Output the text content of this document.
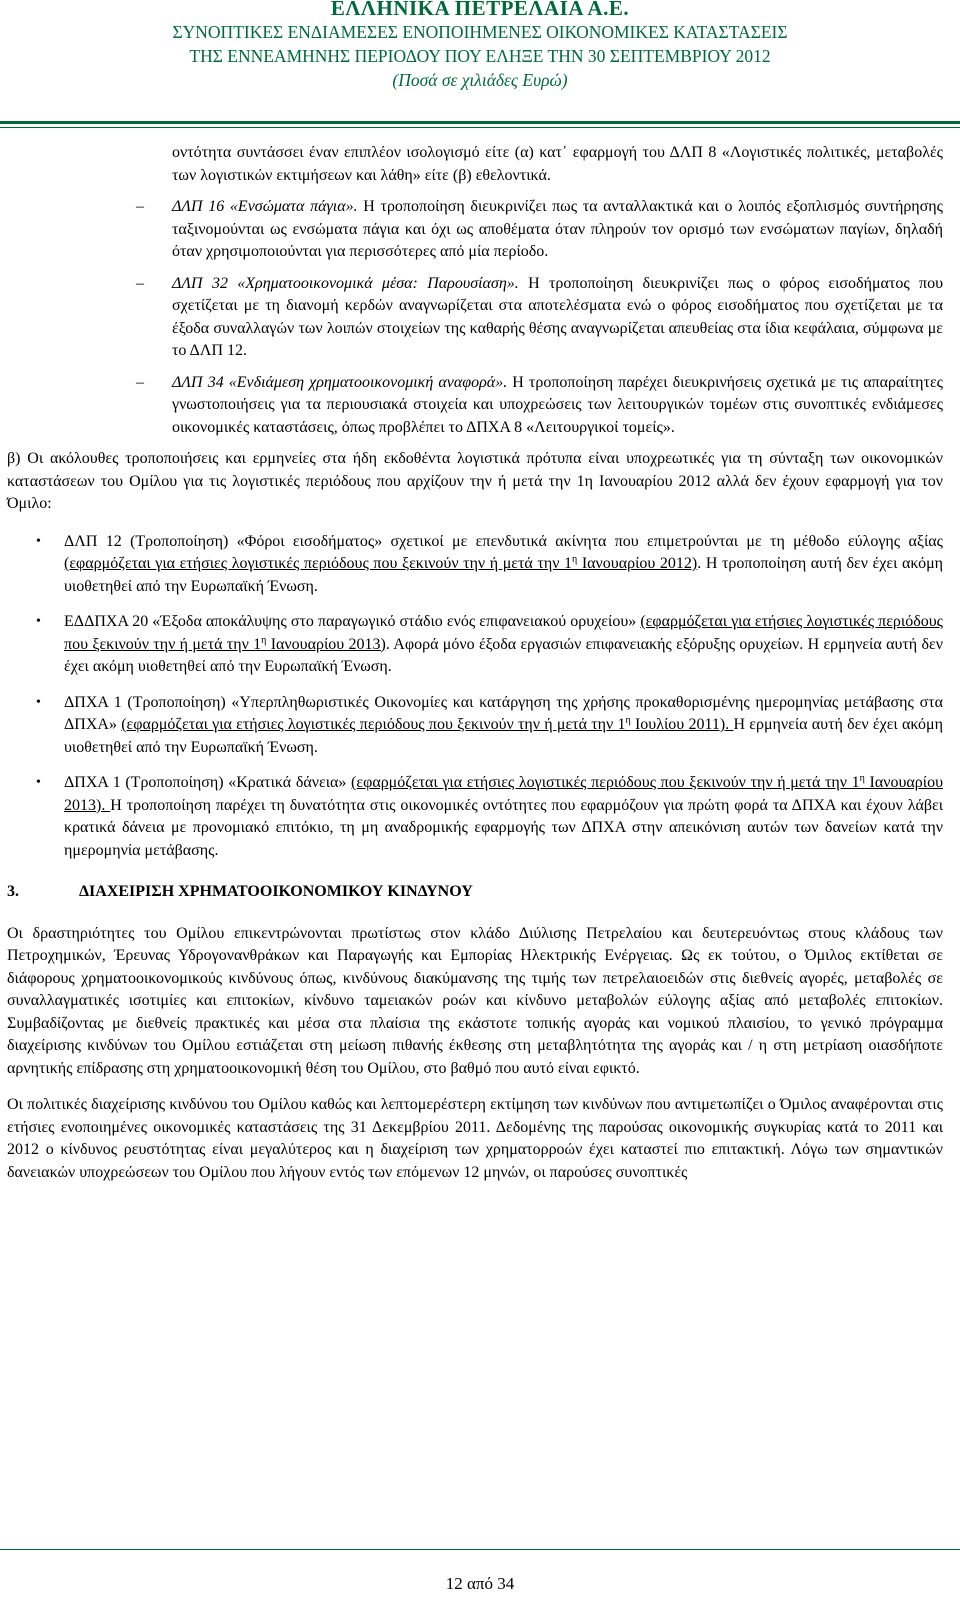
ΕΛΛΗΝΙΚΑ ΠΕΤΡΕΛΑΙΑ Α.Ε.
ΣΥΝΟΠΤΙΚΕΣ ΕΝΔΙΑΜΕΣΕΣ ΕΝΟΠΟΙΗΜΕΝΕΣ ΟΙΚΟΝΟΜΙΚΕΣ ΚΑΤΑΣΤΑΣΕΙΣ
ΤΗΣ ΕΝΝΕΑΜΗΝΗΣ ΠΕΡΙΟΔΟΥ ΠΟΥ ΕΛΗΞΕ ΤΗΝ 30 ΣΕΠΤΕΜΒΡΙΟΥ 2012
(Ποσά σε χιλιάδες Ευρώ)
οντότητα συντάσσει έναν επιπλέον ισολογισμό είτε (α) κατ᾽ εφαρμογή του ΔΛΠ 8 «Λογιστικές πολιτικές, μεταβολές των λογιστικών εκτιμήσεων και λάθη» είτε (β) εθελοντικά.
– ΔΛΠ 16 «Ενσώματα πάγια». Η τροποποίηση διευκρινίζει πως τα ανταλλακτικά και ο λοιπός εξοπλισμός συντήρησης ταξινομούνται ως ενσώματα πάγια και όχι ως αποθέματα όταν πληρούν τον ορισμό των ενσώματων παγίων, δηλαδή όταν χρησιμοποιούνται για περισσότερες από μία περίοδο.
– ΔΛΠ 32 «Χρηματοοικονομικά μέσα: Παρουσίαση». Η τροποποίηση διευκρινίζει πως ο φόρος εισοδήματος που σχετίζεται με τη διανομή κερδών αναγνωρίζεται στα αποτελέσματα ενώ ο φόρος εισοδήματος που σχετίζεται με τα έξοδα συναλλαγών των λοιπών στοιχείων της καθαρής θέσης αναγνωρίζεται απευθείας στα ίδια κεφάλαια, σύμφωνα με το ΔΛΠ 12.
– ΔΛΠ 34 «Ενδιάμεση χρηματοοικονομική αναφορά». Η τροποποίηση παρέχει διευκρινήσεις σχετικά με τις απαραίτητες γνωστοποιήσεις για τα περιουσιακά στοιχεία και υποχρεώσεις των λειτουργικών τομέων στις συνοπτικές ενδιάμεσες οικονομικές καταστάσεις, όπως προβλέπει το ΔΠΧΑ 8 «Λειτουργικοί τομείς».
β) Οι ακόλουθες τροποποιήσεις και ερμηνείες στα ήδη εκδοθέντα λογιστικά πρότυπα είναι υποχρεωτικές για τη σύνταξη των οικονομικών καταστάσεων του Ομίλου για τις λογιστικές περιόδους που αρχίζουν την ή μετά την 1η Ιανουαρίου 2012 αλλά δεν έχουν εφαρμογή για τον Όμιλο:
• ΔΛΠ 12 (Τροποποίηση) «Φόροι εισοδήματος» σχετικοί με επενδυτικά ακίνητα που επιμετρούνται με τη μέθοδο εύλογης αξίας (εφαρμόζεται για ετήσιες λογιστικές περιόδους που ξεκινούν την ή μετά την $1^\eta$ Ιανουαρίου 2012). Η τροποποίηση αυτή δεν έχει ακόμη υιοθετηθεί από την Ευρωπαϊκή Ένωση.
• ΕΔΔΠΧΑ 20 «Έξοδα αποκάλυψης στο παραγωγικό στάδιο ενός επιφανειακού ορυχείου» (εφαρμόζεται για ετήσιες λογιστικές περιόδους που ξεκινούν την ή μετά την $1^\eta$ Ιανουαρίου 2013). Αφορά μόνο έξοδα εργασιών επιφανειακής εξόρυξης ορυχείων. Η ερμηνεία αυτή δεν έχει ακόμη υιοθετηθεί από την Ευρωπαϊκή Ένωση.
• ΔΠΧΑ 1 (Τροποποίηση) «Υπερπληθωριστικές Οικονομίες και κατάργηση της χρήσης προκαθορισμένης ημερομηνίας μετάβασης στα ΔΠΧΑ» (εφαρμόζεται για ετήσιες λογιστικές περιόδους που ξεκινούν την ή μετά την $1^\eta$ Ιουλίου 2011). Η ερμηνεία αυτή δεν έχει ακόμη υιοθετηθεί από την Ευρωπαϊκή Ένωση.
• ΔΠΧΑ 1 (Τροποποίηση) «Κρατικά δάνεια» (εφαρμόζεται για ετήσιες λογιστικές περιόδους που ξεκινούν την ή μετά την $1^\eta$ Ιανουαρίου 2013). Η τροποποίηση παρέχει τη δυνατότητα στις οικονομικές οντότητες που εφαρμόζουν για πρώτη φορά τα ΔΠΧΑ και έχουν λάβει κρατικά δάνεια με προνομιακό επιτόκιο, τη μη αναδρομικής εφαρμογής των ΔΠΧΑ στην απεικόνιση αυτών των δανείων κατά την ημερομηνία μετάβασης.
3.	ΔΙΑΧΕΙΡΙΣΗ ΧΡΗΜΑΤΟΟΙΚΟΝΟΜΙΚΟΥ ΚΙΝΔΥΝΟΥ
Οι δραστηριότητες του Ομίλου επικεντρώνονται πρωτίστως στον κλάδο Διύλισης Πετρελαίου και δευτερευόντως στους κλάδους των Πετροχημικών, Έρευνας Υδρογονανθράκων και Παραγωγής και Εμπορίας Ηλεκτρικής Ενέργειας. Ως εκ τούτου, ο Όμιλος εκτίθεται σε διάφορους χρηματοοικονομικούς κινδύνους όπως, κινδύνους διακύμανσης της τιμής των πετρελαιοειδών στις διεθνείς αγορές, μεταβολές σε συναλλαγματικές ισοτιμίες και επιτοκίων, κίνδυνο ταμειακών ροών και κίνδυνο μεταβολών εύλογης αξίας από μεταβολές επιτοκίων. Συμβαδίζοντας με διεθνείς πρακτικές και μέσα στα πλαίσια της εκάστοτε τοπικής αγοράς και νομικού πλαισίου, το γενικό πρόγραμμα διαχείρισης κινδύνων του Ομίλου εστιάζεται στη μείωση πιθανής έκθεσης στη μεταβλητότητα της αγοράς και / η στη μετρίαση οιασδήποτε αρνητικής επίδρασης στη χρηματοοικονομική θέση του Ομίλου, στο βαθμό που αυτό είναι εφικτό.
Οι πολιτικές διαχείρισης κινδύνου του Ομίλου καθώς και λεπτομερέστερη εκτίμηση των κινδύνων που αντιμετωπίζει ο Όμιλος αναφέρονται στις ετήσιες ενοποιημένες οικονομικές καταστάσεις της 31 Δεκεμβρίου 2011. Δεδομένης της παρούσας οικονομικής συγκυρίας κατά το 2011 και 2012 ο κίνδυνος ρευστότητας είναι μεγαλύτερος και η διαχείριση των χρηματορροών έχει καταστεί πιο επιτακτική. Λόγω των σημαντικών δανειακών υποχρεώσεων του Ομίλου που λήγουν εντός των επόμενων 12 μηνών, οι παρούσες συνοπτικές
12 από 34
